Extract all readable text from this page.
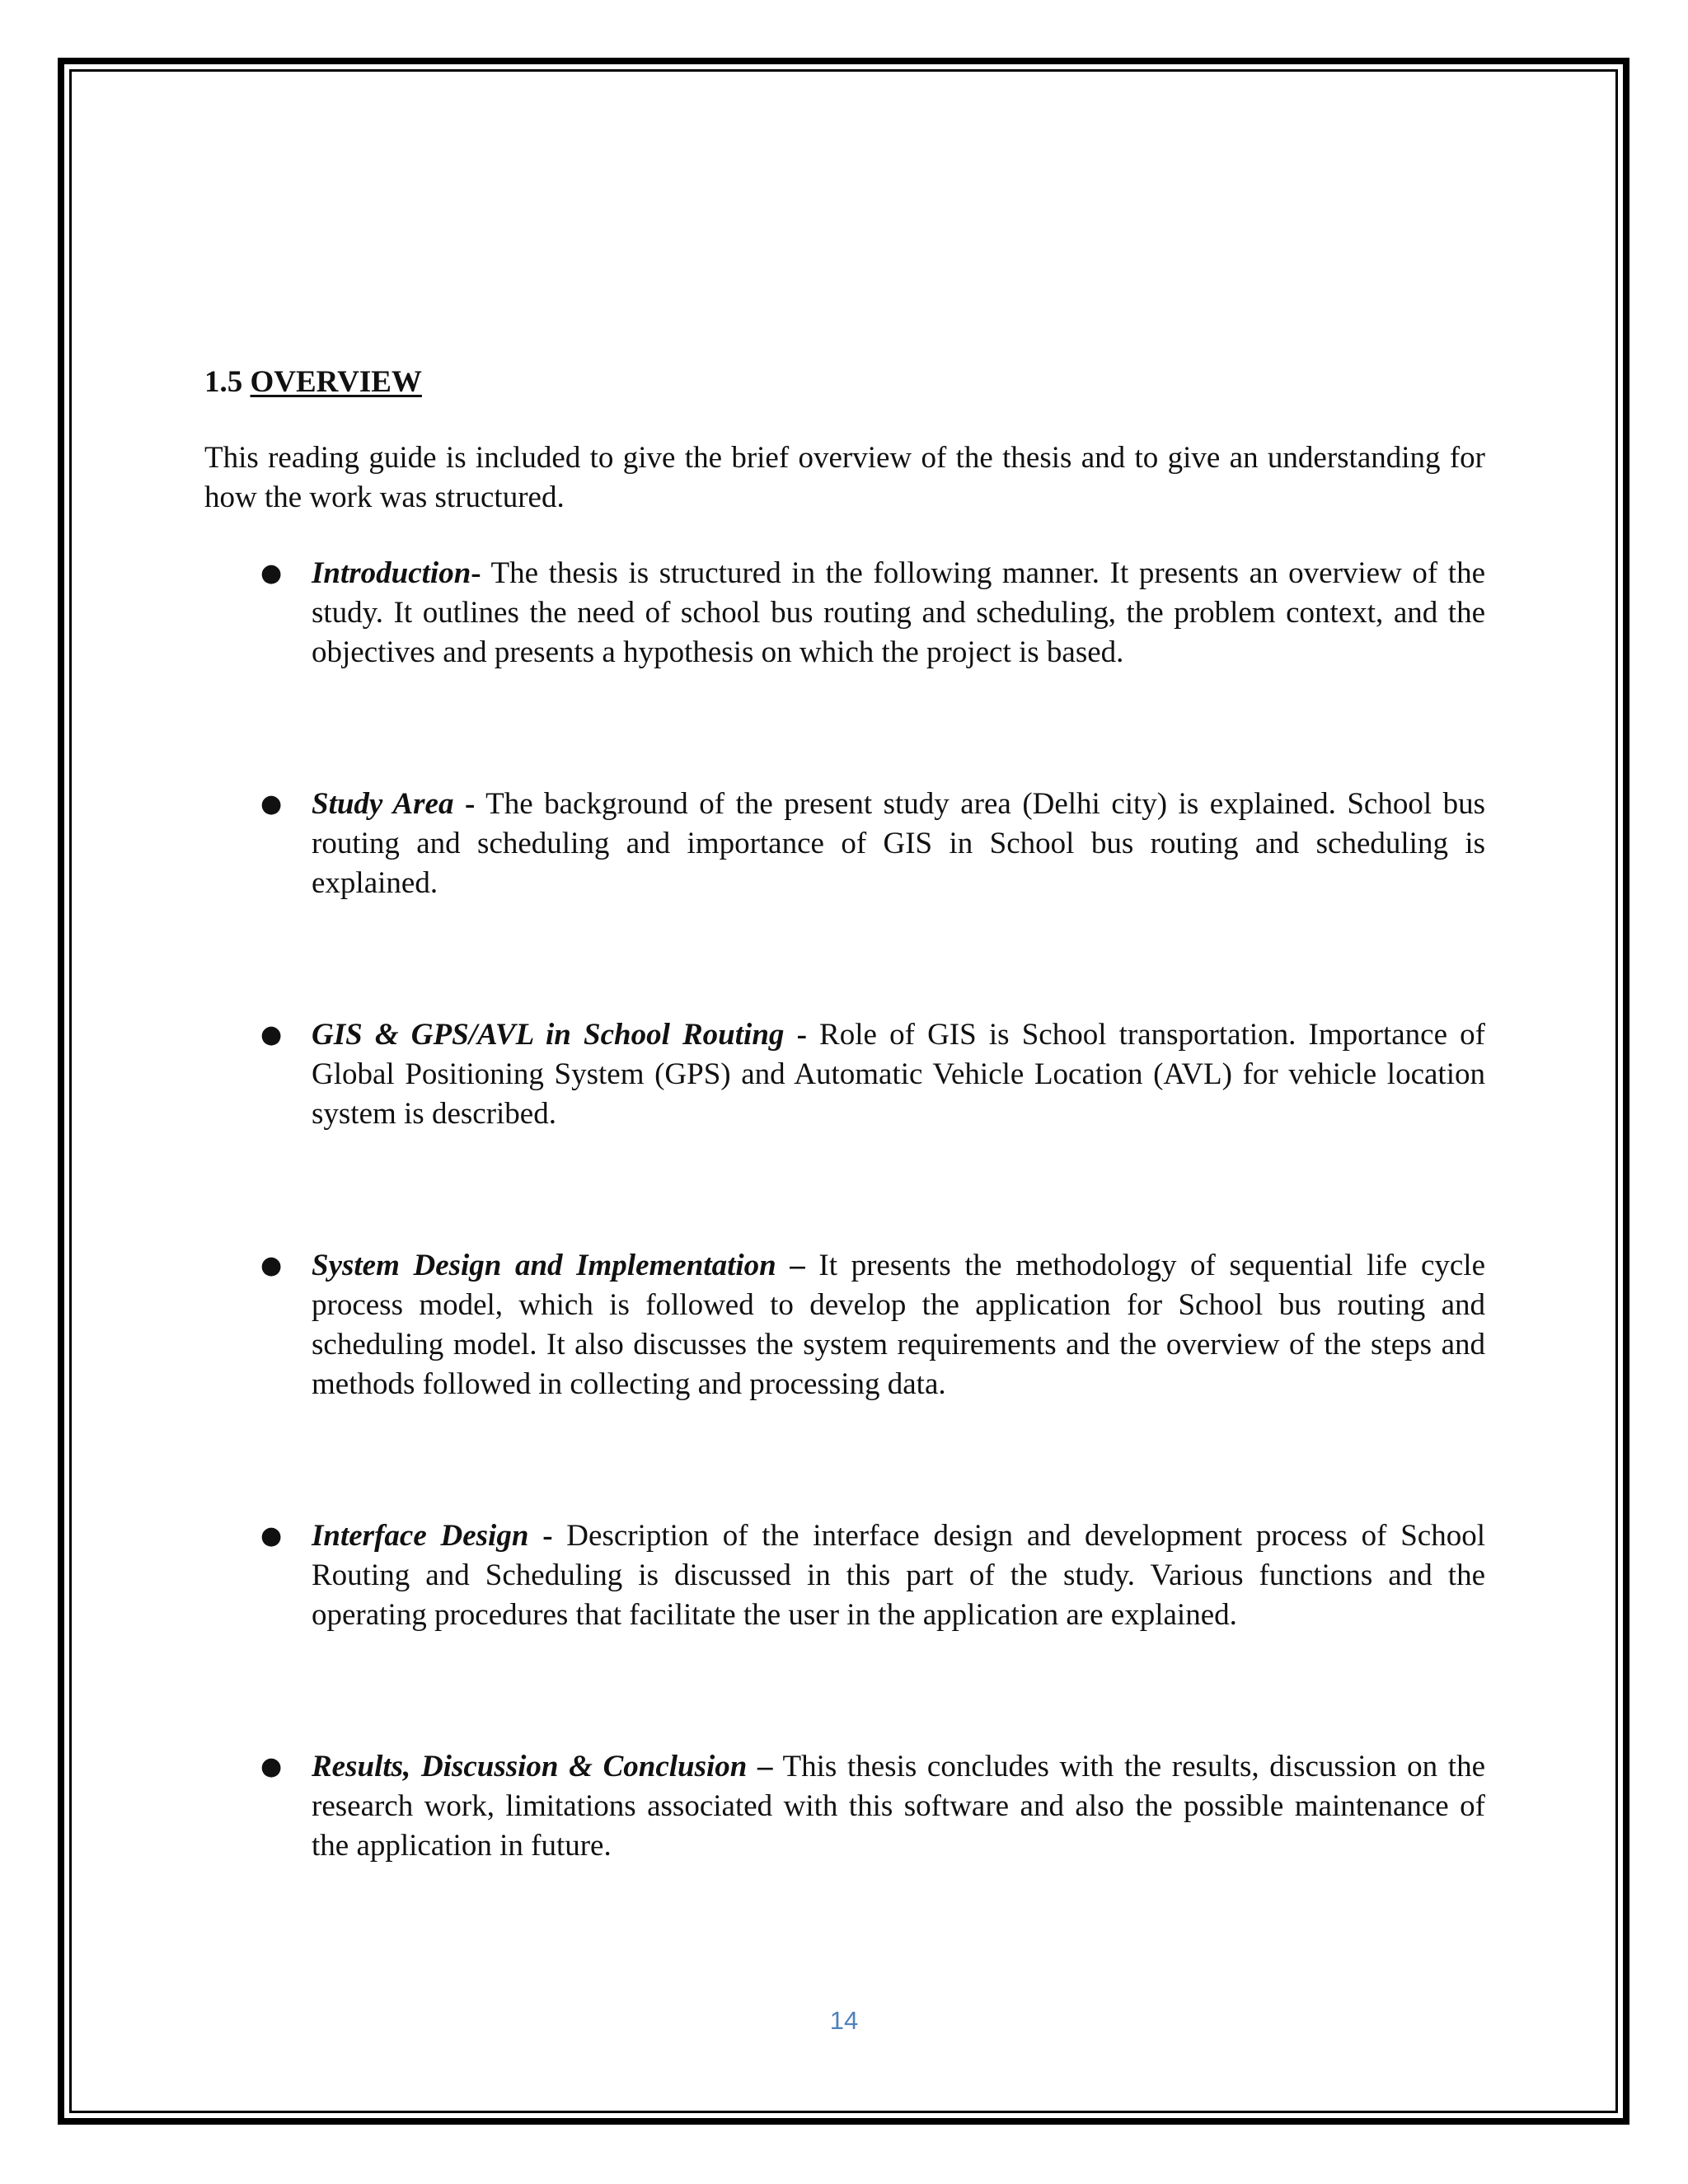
1.5 OVERVIEW

This reading guide is included to give the brief overview of the thesis and to give an understanding for how the work was structured.

● Introduction- The thesis is structured in the following manner. It presents an overview of the study. It outlines the need of school bus routing and scheduling, the problem context, and the objectives and presents a hypothesis on which the project is based.
● Study Area - The background of the present study area (Delhi city) is explained. School bus routing and scheduling and importance of GIS in School bus routing and scheduling is explained.
● GIS & GPS/AVL in School Routing - Role of GIS is School transportation. Importance of Global Positioning System (GPS) and Automatic Vehicle Location (AVL) for vehicle location system is described.
● System Design and Implementation – It presents the methodology of sequential life cycle process model, which is followed to develop the application for School bus routing and scheduling model. It also discusses the system requirements and the overview of the steps and methods followed in collecting and processing data.
● Interface Design - Description of the interface design and development process of School Routing and Scheduling is discussed in this part of the study. Various functions and the operating procedures that facilitate the user in the application are explained.
● Results, Discussion & Conclusion – This thesis concludes with the results, discussion on the research work, limitations associated with this software and also the possible maintenance of the application in future.
14
